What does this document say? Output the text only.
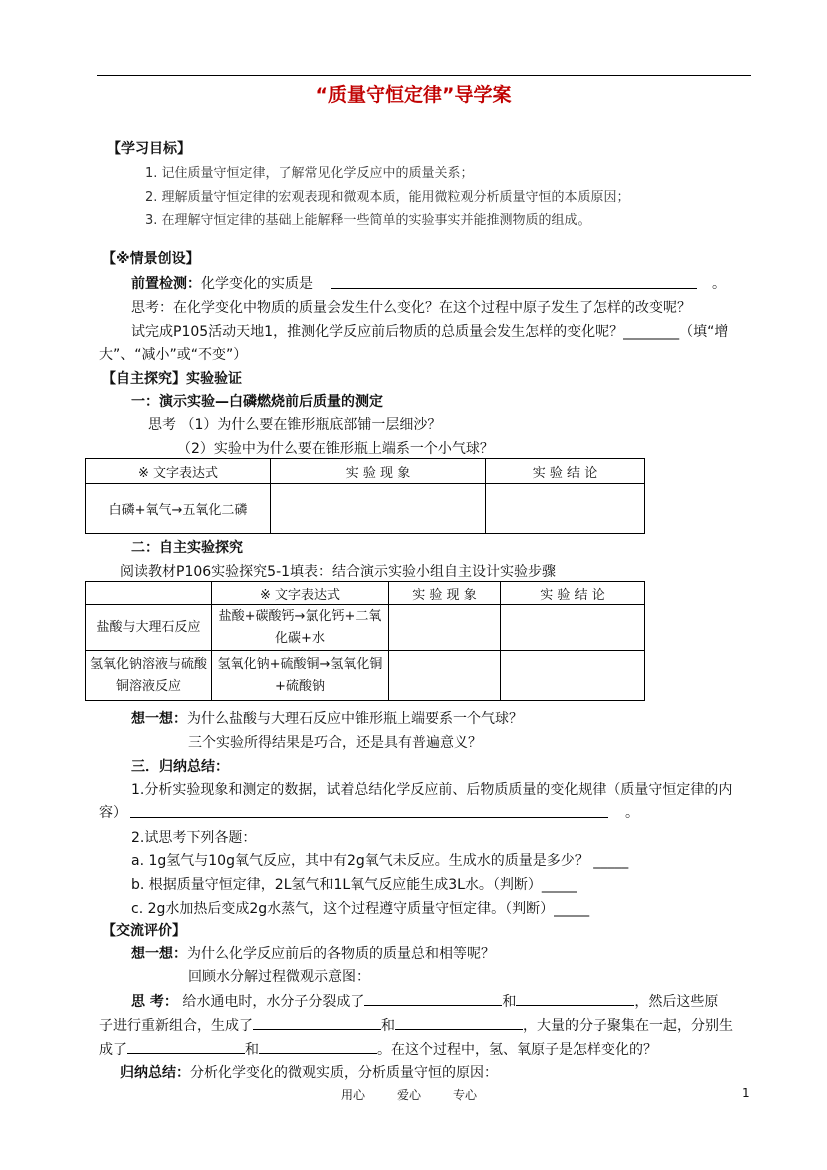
“质量守恒定律”导学案
【学习目标】
1. 记住质量守恒定律，了解常见化学反应中的质量关系；
2. 理解质量守恒定律的宏观表现和微观本质，能用微粒观分析质量守恒的本质原因；
3. 在理解守恒定律的基础上能解释一些简单的实验事实并能推测物质的组成。
【※情景创设】
前置检测：化学变化的实质是	。
思考：在化学变化中物质的质量会发生什么变化？在这个过程中原子发生了怎样的改变呢？
试完成P105活动天地1，推测化学反应前后物质的总质量会发生怎样的变化呢？________（填“增
大”、“减小”或“不变”）
【自主探究】实验验证
一：演示实验—白磷燃烧前后质量的测定
思考 （1）为什么要在锥形瓶底部铺一层细沙？
（2）实验中为什么要在锥形瓶上端系一个小气球？
※ 文字表达式	实 验 现 象	实 验 结 论
白磷+氧气→五氧化二磷		
二：自主实验探究
阅读教材P106实验探究5-1填表：结合演示实验小组自主设计实验步骤
	※ 文字表达式	实 验 现 象	实 验 结 论
盐酸与大理石反应	盐酸+碳酸钙→氯化钙+二氧化碳+水		
氢氧化钠溶液与硫酸铜溶液反应	氢氧化钠+硫酸铜→氢氧化铜+硫酸钠		
想一想：为什么盐酸与大理石反应中锥形瓶上端要系一个气球？
三个实验所得结果是巧合，还是具有普遍意义？
三．归纳总结：
1.分析实验现象和测定的数据，试着总结化学反应前、后物质质量的变化规律（质量守恒定律的内
容）	。
2.试思考下列各题：
a. 1g氢气与10g氧气反应，其中有2g氧气未反应。生成水的质量是多少？ _____
b. 根据质量守恒定律，2L氢气和1L氧气反应能生成3L水。（判断）_____
c. 2g水加热后变成2g水蒸气，这个过程遵守质量守恒定律。（判断）_____
【交流评价】
想一想：为什么化学反应前后的各物质的质量总和相等呢？
回顾水分解过程微观示意图：
思 考： 给水通电时，水分子分裂成了	和	，然后这些原
子进行重新组合，生成了	和	，大量的分子聚集在一起，分别生
成了	和	。在这个过程中，氢、氧原子是怎样变化的？
归纳总结：分析化学变化的微观实质，分析质量守恒的原因：
用心	爱心	专心	1
